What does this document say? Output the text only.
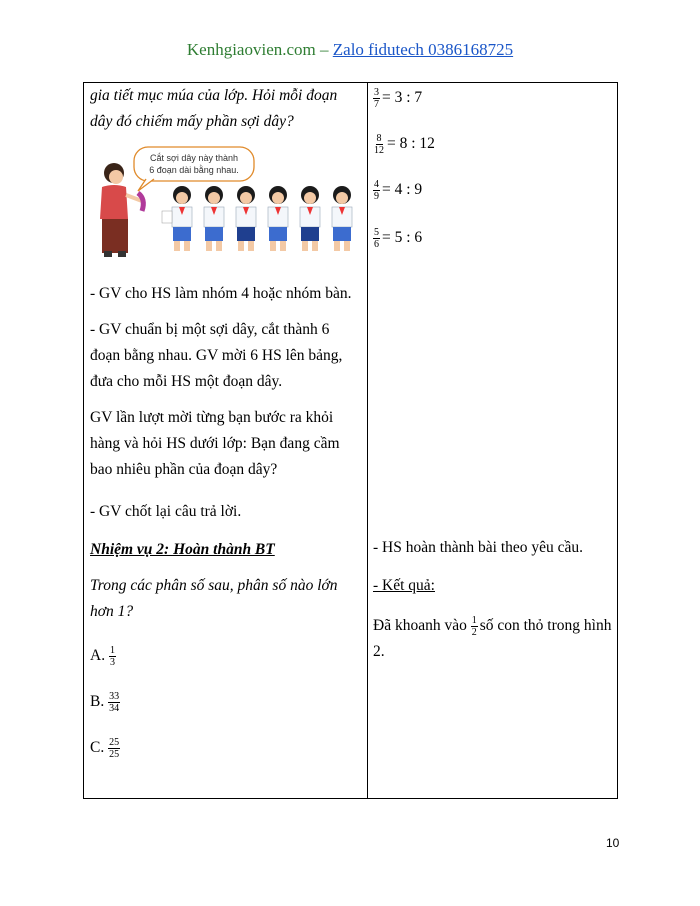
Kenhgiaovien.com – Zalo fidutech 0386168725
gia tiết mục múa của lớp. Hỏi mỗi đoạn dây đó chiếm mấy phần sợi dây?
Cắt sợi dây này thành
6 đoạn dài bằng nhau.
- GV cho HS làm nhóm 4 hoặc nhóm bàn.
- GV chuẩn bị một sợi dây, cắt thành 6 đoạn bằng nhau. GV mời 6 HS lên bảng, đưa cho mỗi HS một đoạn dây.
GV lần lượt mời từng bạn bước ra khỏi hàng và hỏi HS dưới lớp: Bạn đang cầm bao nhiêu phần của đoạn dây?
- GV chốt lại câu trả lời.
Nhiệm vụ 2: Hoàn thành BT
Trong các phân số sau, phân số nào lớn hơn 1?
A. $\frac{1}{3}$
B. $\frac{33}{34}$
C. $\frac{25}{25}$
$\frac{3}{7} = 3$ : 7
$\frac{8}{12} = 8$ : 12
$\frac{4}{9} = 4$ : 9
$\frac{5}{6} = 5$ : 6
- HS hoàn thành bài theo yêu cầu.
- Kết quả:
Đã khoanh vào $\frac{1}{2}$ số con thỏ trong hình 2.
10
